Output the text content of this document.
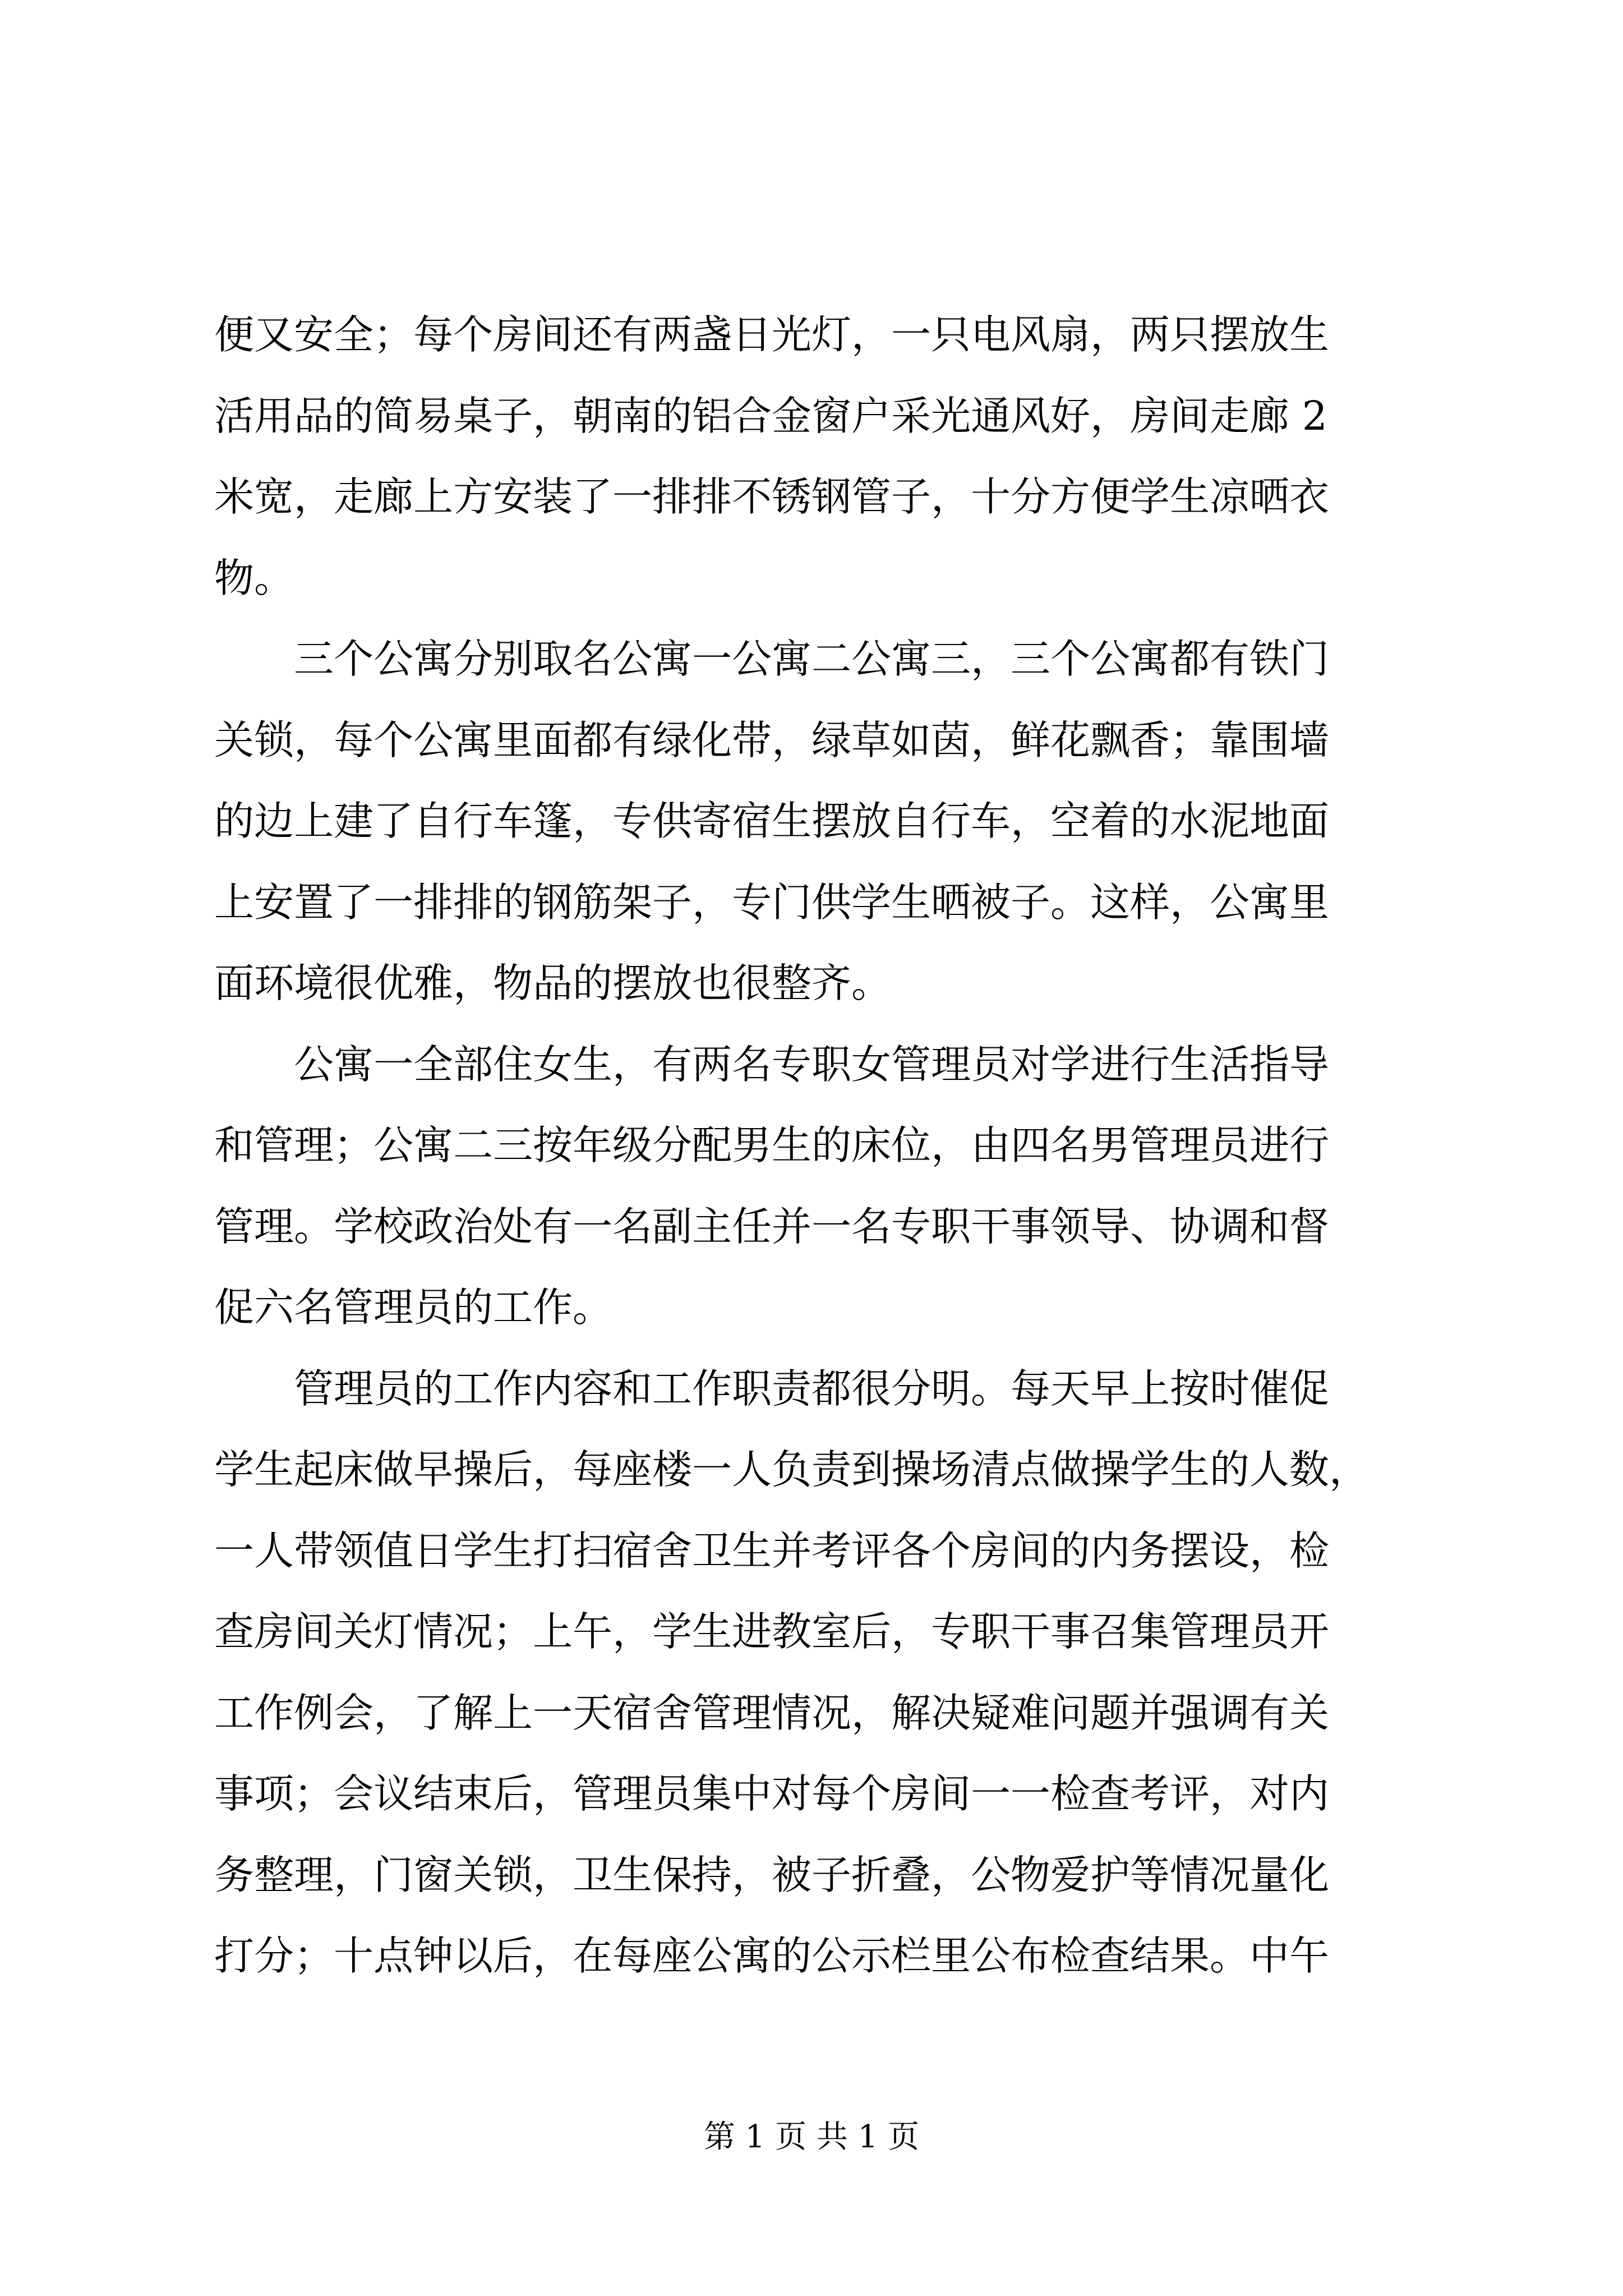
便又安全；每个房间还有两盏日光灯，一只电风扇，两只摆放生
活用品的简易桌子，朝南的铝合金窗户采光通风好，房间走廊 2
米宽，走廊上方安装了一排排不锈钢管子，十分方便学生凉晒衣
物。
三个公寓分别取名公寓一公寓二公寓三，三个公寓都有铁门
关锁，每个公寓里面都有绿化带，绿草如茵，鲜花飘香；靠围墙
的边上建了自行车篷，专供寄宿生摆放自行车，空着的水泥地面
上安置了一排排的钢筋架子，专门供学生晒被子。这样，公寓里
面环境很优雅，物品的摆放也很整齐。
公寓一全部住女生，有两名专职女管理员对学进行生活指导
和管理；公寓二三按年级分配男生的床位，由四名男管理员进行
管理。学校政治处有一名副主任并一名专职干事领导、协调和督
促六名管理员的工作。
管理员的工作内容和工作职责都很分明。每天早上按时催促
学生起床做早操后，每座楼一人负责到操场清点做操学生的人数，
一人带领值日学生打扫宿舍卫生并考评各个房间的内务摆设，检
查房间关灯情况；上午，学生进教室后，专职干事召集管理员开
工作例会，了解上一天宿舍管理情况，解决疑难问题并强调有关
事项；会议结束后，管理员集中对每个房间一一检查考评，对内
务整理，门窗关锁，卫生保持，被子折叠，公物爱护等情况量化
打分；十点钟以后，在每座公寓的公示栏里公布检查结果。中午
第 1 页 共 1 页
